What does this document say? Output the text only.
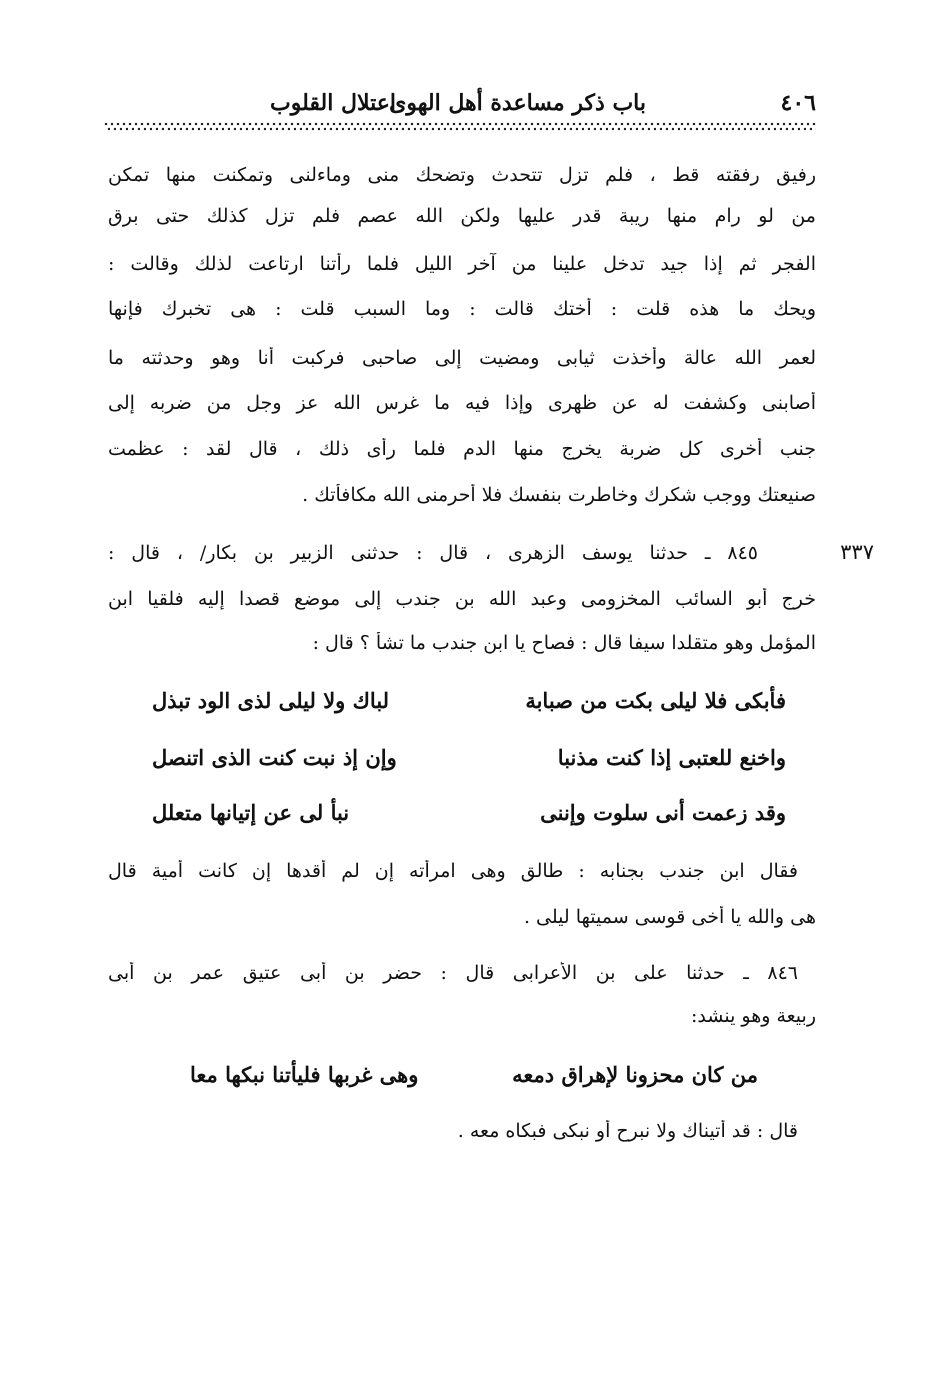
٤٠٦
باب ذكر مساعدة أهل الهوى
اعتلال القلوب
رفيق رفقته قط ، فلم تزل تتحدث وتضحك منى وماءلنى وتمكنت منها تمكن
من لو رام منها ريبة قدر عليها ولكن الله عصم فلم تزل كذلك حتى برق
الفجر ثم إذا جيد تدخل علينا من آخر الليل فلما رأتنا ارتاعت لذلك وقالت :
ويحك ما هذه قلت : أختك قالت : وما السبب قلت : هى تخبرك فإنها
لعمر الله عالة وأخذت ثيابى ومضيت إلى صاحبى فركبت أنا وهو وحدثته ما
أصابنى وكشفت له عن ظهرى وإذا فيه ما غرس الله عز وجل من ضربه إلى
جنب أخرى كل ضربة يخرج منها الدم فلما رأى ذلك ، قال لقد : عظمت
صنيعتك ووجب شكرك وخاطرت بنفسك فلا أحرمنى الله مكافأتك .
٣٣٧
٨٤٥ ـ حدثنا يوسف الزهرى ، قال : حدثنى الزبير بن بكار/ ، قال :
خرج أبو السائب المخزومى وعبد الله بن جندب إلى موضع قصدا إليه فلقيا ابن
المؤمل وهو متقلدا سيفا قال : فصاح يا ابن جندب ما تشأ ؟ قال :
فأبكى فلا ليلى بكت من صبابة
لباك ولا ليلى لذى الود تبذل
واخنع للعتبى إذا كنت مذنبا
وإن إذ نبت كنت الذى اتنصل
وقد زعمت أنى سلوت وإننى
نبأ لى عن إتيانها متعلل
فقال ابن جندب بجنابه : طالق وهى امرأته إن لم أقدها إن كانت أمية قال
هى والله يا أخى قوسى سميتها ليلى .
٨٤٦ ـ حدثنا على بن الأعرابى قال : حضر بن أبى عتيق عمر بن أبى
ربيعة وهو ينشد:
من كان محزونا لإهراق دمعه
وهى غربها فليأتنا نبكها معا
قال : قد أتيناك ولا نبرح أو نبكى فبكاه معه .
